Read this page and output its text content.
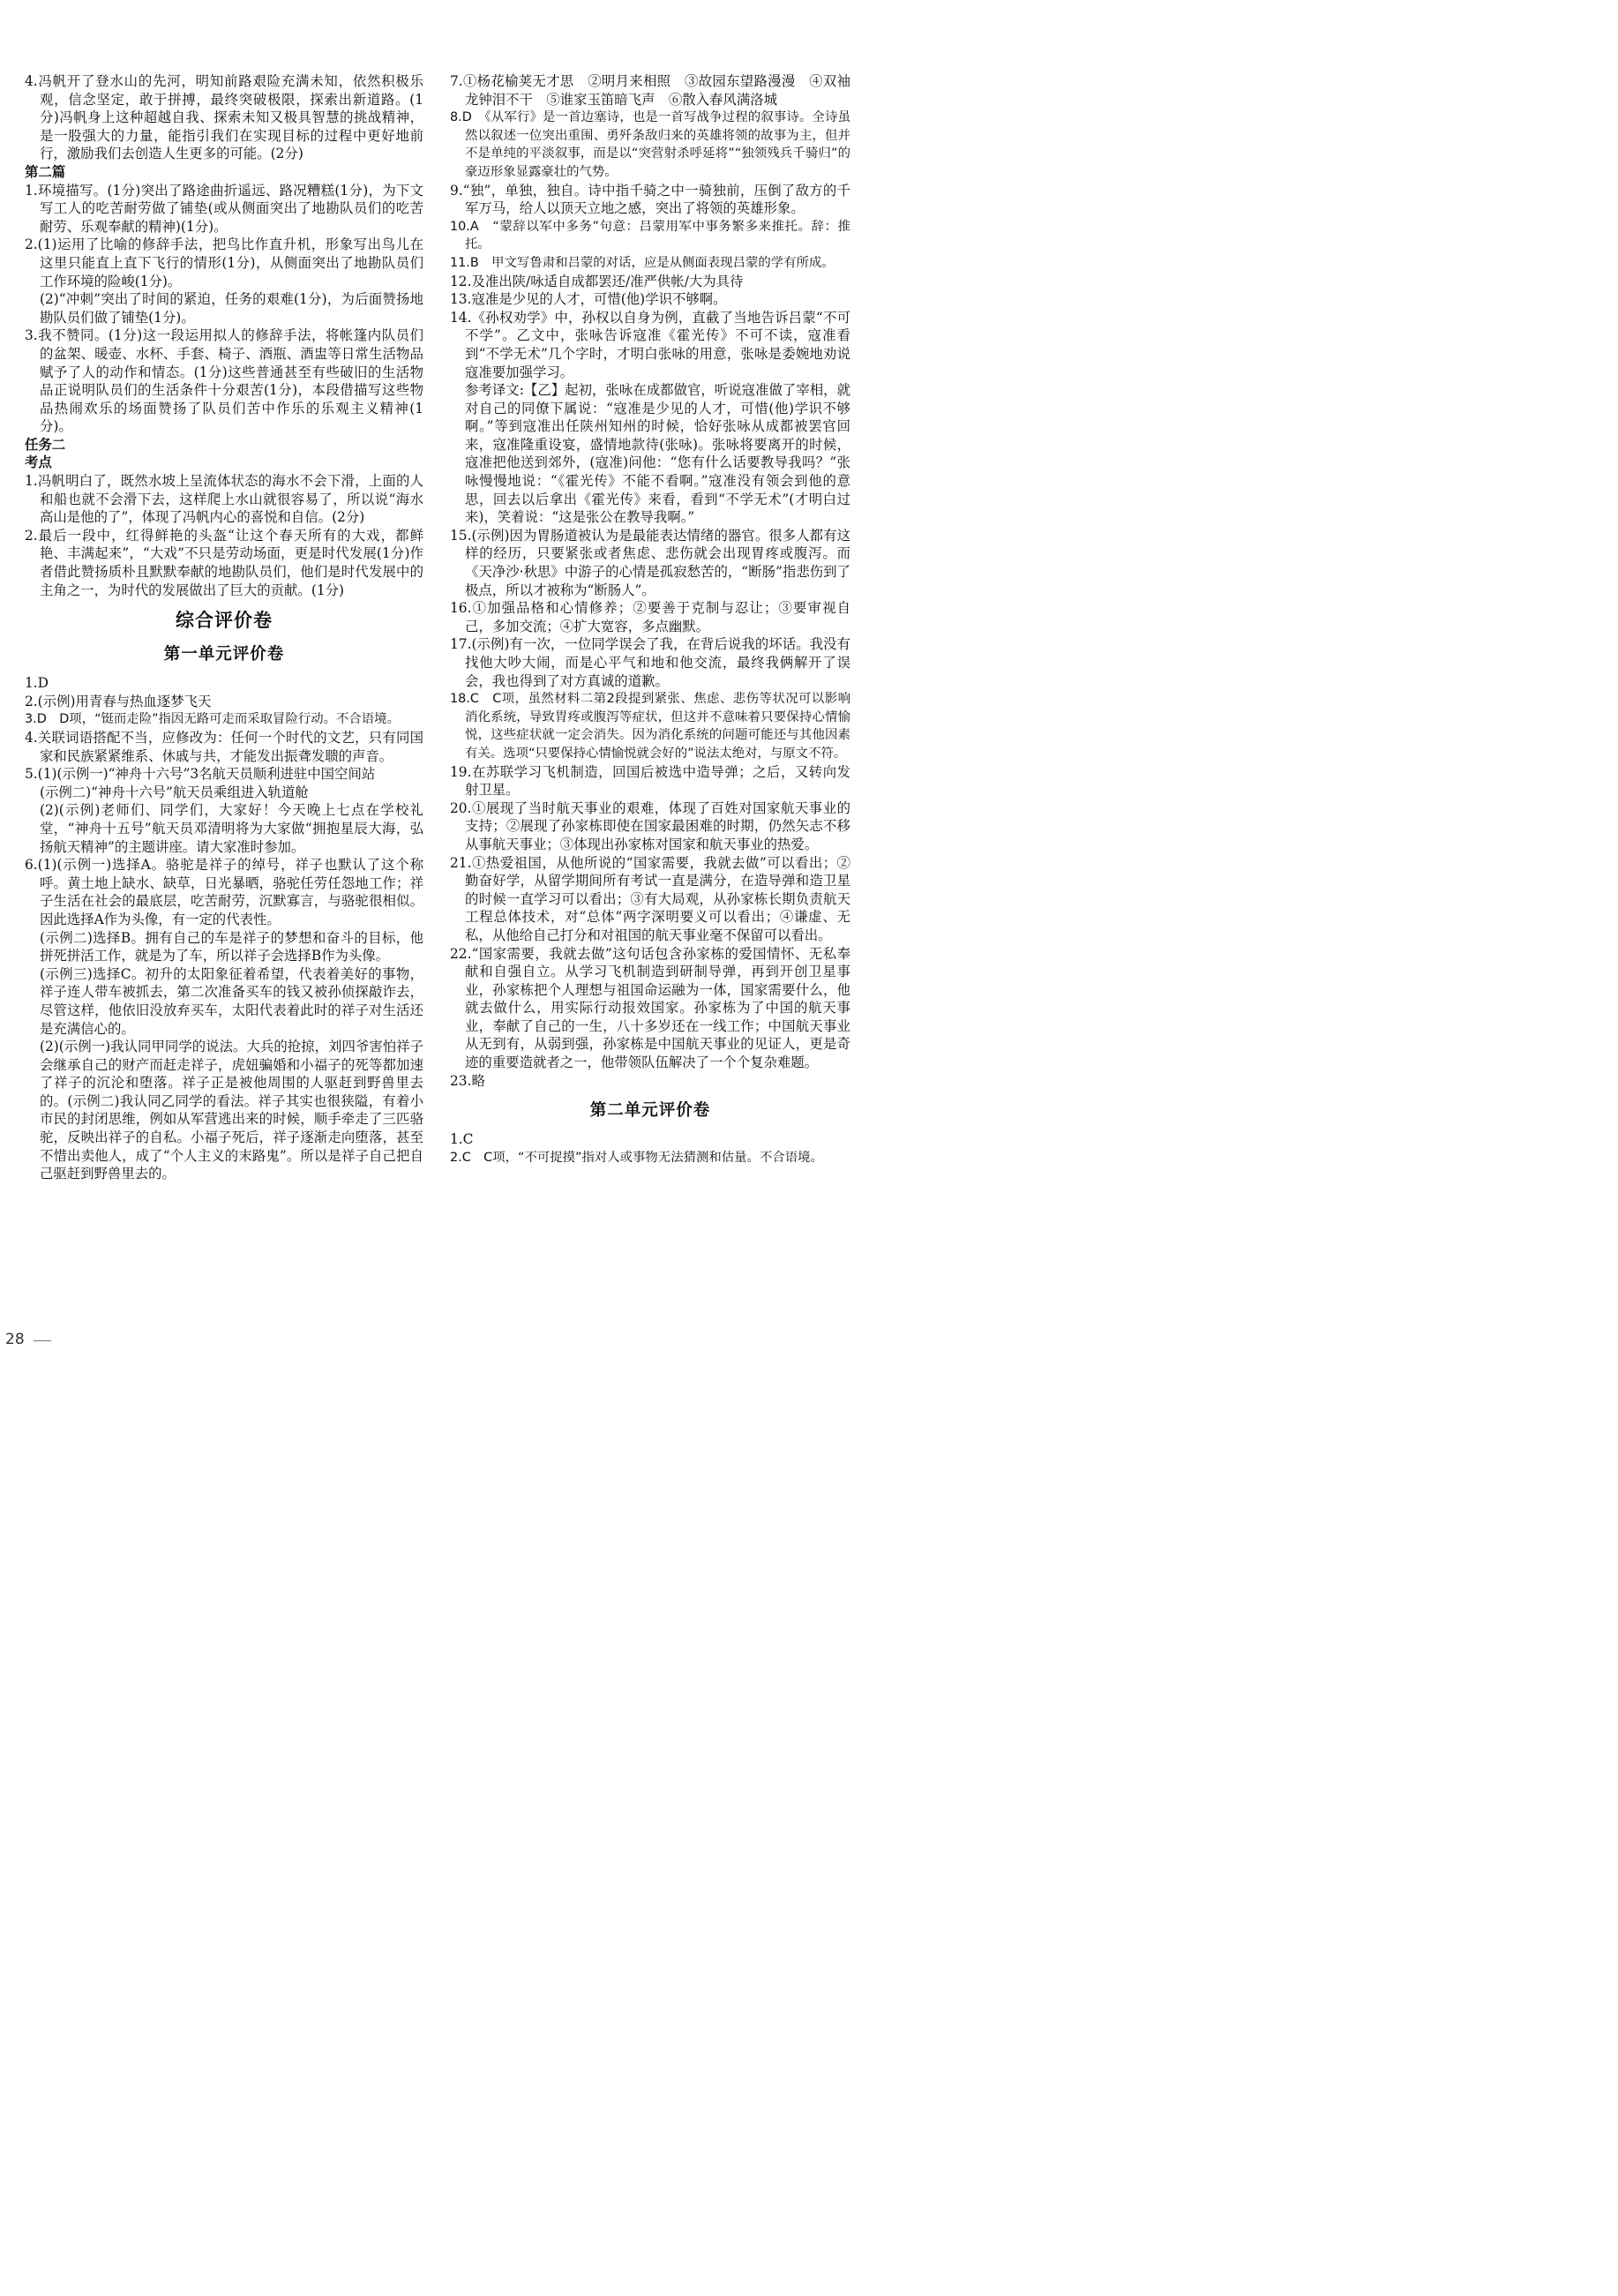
4.冯帆开了登水山的先河，明知前路艰险充满未知，依然积极乐观，信念坚定，敢于拼搏，最终突破极限，探索出新道路。(1分)冯帆身上这种超越自我、探索未知又极具智慧的挑战精神，是一股强大的力量，能指引我们在实现目标的过程中更好地前行，激励我们去创造人生更多的可能。(2分)

第二篇

1.环境描写。(1分)突出了路途曲折遥远、路况糟糕(1分)，为下文写工人的吃苦耐劳做了铺垫(或从侧面突出了地勘队员们的吃苦耐劳、乐观奉献的精神)(1分)。

2.(1)运用了比喻的修辞手法，把鸟比作直升机，形象写出鸟儿在这里只能直上直下飞行的情形(1分)，从侧面突出了地勘队员们工作环境的险峻(1分)。

(2)“冲刺”突出了时间的紧迫，任务的艰难(1分)，为后面赞扬地勘队员们做了铺垫(1分)。

3.我不赞同。(1分)这一段运用拟人的修辞手法，将帐篷内队员们的盆架、暖壶、水杯、手套、椅子、酒瓶、酒盅等日常生活物品赋予了人的动作和情态。(1分)这些普通甚至有些破旧的生活物品正说明队员们的生活条件十分艰苦(1分)，本段借描写这些物品热闹欢乐的场面赞扬了队员们苦中作乐的乐观主义精神(1分)。

任务二

考点

1.冯帆明白了，既然水坡上呈流体状态的海水不会下滑，上面的人和船也就不会滑下去，这样爬上水山就很容易了，所以说“海水高山是他的了”，体现了冯帆内心的喜悦和自信。(2分)

2.最后一段中，红得鲜艳的头盔“让这个春天所有的大戏，都鲜艳、丰满起来”，“大戏”不只是劳动场面，更是时代发展(1分)作者借此赞扬质朴且默默奉献的地勘队员们，他们是时代发展中的主角之一，为时代的发展做出了巨大的贡献。(1分)

综合评价卷

第一单元评价卷

1.D

2.(示例)用青春与热血逐梦飞天

3.D　D项，“铤而走险”指因无路可走而采取冒险行动。不合语境。

4.关联词语搭配不当，应修改为：任何一个时代的文艺，只有同国家和民族紧紧维系、休戚与共，才能发出振聋发聩的声音。

5.(1)(示例一)“神舟十六号”3名航天员顺利进驻中国空间站

(示例二)“神舟十六号”航天员乘组进入轨道舱

(2)(示例)老师们、同学们，大家好！今天晚上七点在学校礼堂，“神舟十五号”航天员邓清明将为大家做“拥抱星辰大海，弘扬航天精神”的主题讲座。请大家准时参加。

6.(1)(示例一)选择A。骆驼是祥子的绰号，祥子也默认了这个称呼。黄土地上缺水、缺草，日光暴晒，骆驼任劳任怨地工作；祥子生活在社会的最底层，吃苦耐劳，沉默寡言，与骆驼很相似。因此选择A作为头像，有一定的代表性。

(示例二)选择B。拥有自己的车是祥子的梦想和奋斗的目标，他拼死拼活工作，就是为了车，所以祥子会选择B作为头像。

(示例三)选择C。初升的太阳象征着希望，代表着美好的事物，祥子连人带车被抓去，第二次准备买车的钱又被孙侦探敲诈去，尽管这样，他依旧没放弃买车，太阳代表着此时的祥子对生活还是充满信心的。

(2)(示例一)我认同甲同学的说法。大兵的抢掠，刘四爷害怕祥子会继承自己的财产而赶走祥子，虎妞骗婚和小福子的死等都加速了祥子的沉沦和堕落。祥子正是被他周围的人驱赶到野兽里去的。(示例二)我认同乙同学的看法。祥子其实也很狭隘，有着小市民的封闭思维，例如从军营逃出来的时候，顺手牵走了三匹骆驼，反映出祥子的自私。小福子死后，祥子逐渐走向堕落，甚至不惜出卖他人，成了“个人主义的末路鬼”。所以是祥子自己把自己驱赶到野兽里去的。

7.①杨花榆荚无才思　②明月来相照　③故园东望路漫漫　④双袖龙钟泪不干　⑤谁家玉笛暗飞声　⑥散入春风满洛城

8.D　《从军行》是一首边塞诗，也是一首写战争过程的叙事诗。全诗虽然以叙述一位突出重围、勇歼条敌归来的英雄将领的故事为主，但并不是单纯的平淡叙事，而是以“突营射杀呼延将”“独领残兵千骑归”的豪迈形象显露豪壮的气势。

9.“独”，单独，独自。诗中指千骑之中一骑独前，压倒了敌方的千军万马，给人以顶天立地之感，突出了将领的英雄形象。

10.A　“蒙辞以军中多务”句意：吕蒙用军中事务繁多来推托。辞：推托。

11.B　甲文写鲁肃和吕蒙的对话，应是从侧面表现吕蒙的学有所成。

12.及准出陕/咏适自成都罢还/准严供帐/大为具待

13.寇准是少见的人才，可惜(他)学识不够啊。

14.《孙权劝学》中，孙权以自身为例，直截了当地告诉吕蒙“不可不学”。乙文中，张咏告诉寇准《霍光传》不可不读，寇准看到“不学无术”几个字时，才明白张咏的用意，张咏是委婉地劝说寇准要加强学习。

参考译文:【乙】起初，张咏在成都做官，听说寇准做了宰相，就对自己的同僚下属说：“寇准是少见的人才，可惜(他)学识不够啊。”等到寇准出任陕州知州的时候，恰好张咏从成都被罢官回来，寇准隆重设宴，盛情地款待(张咏)。张咏将要离开的时候，寇准把他送到郊外，(寇准)问他：“您有什么话要教导我吗？”张咏慢慢地说：“《霍光传》不能不看啊。”寇准没有领会到他的意思，回去以后拿出《霍光传》来看，看到“不学无术”(才明白过来)，笑着说：“这是张公在教导我啊。”

15.(示例)因为胃肠道被认为是最能表达情绪的器官。很多人都有这样的经历，只要紧张或者焦虑、悲伤就会出现胃疼或腹泻。而《天净沙·秋思》中游子的心情是孤寂愁苦的，“断肠”指悲伤到了极点，所以才被称为“断肠人”。

16.①加强品格和心情修养；②要善于克制与忍让；③要审视自己，多加交流；④扩大宽容，多点幽默。

17.(示例)有一次，一位同学误会了我，在背后说我的坏话。我没有找他大吵大闹，而是心平气和地和他交流，最终我俩解开了误会，我也得到了对方真诚的道歉。

18.C　C项，虽然材料二第2段提到紧张、焦虑、悲伤等状况可以影响消化系统，导致胃疼或腹泻等症状，但这并不意味着只要保持心情愉悦，这些症状就一定会消失。因为消化系统的问题可能还与其他因素有关。选项“只要保持心情愉悦就会好的”说法太绝对，与原文不符。

19.在苏联学习飞机制造，回国后被选中造导弹；之后，又转向发射卫星。

20.①展现了当时航天事业的艰难，体现了百姓对国家航天事业的支持；②展现了孙家栋即使在国家最困难的时期，仍然矢志不移从事航天事业；③体现出孙家栋对国家和航天事业的热爱。

21.①热爱祖国，从他所说的“国家需要，我就去做”可以看出；②勤奋好学，从留学期间所有考试一直是满分，在造导弹和造卫星的时候一直学习可以看出；③有大局观，从孙家栋长期负责航天工程总体技术，对“总体”两字深明要义可以看出；④谦虚、无私，从他给自己打分和对祖国的航天事业毫不保留可以看出。

22.“国家需要，我就去做”这句话包含孙家栋的爱国情怀、无私奉献和自强自立。从学习飞机制造到研制导弹，再到开创卫星事业，孙家栋把个人理想与祖国命运融为一体，国家需要什么，他就去做什么，用实际行动报效国家。孙家栋为了中国的航天事业，奉献了自己的一生，八十多岁还在一线工作；中国航天事业从无到有，从弱到强，孙家栋是中国航天事业的见证人，更是奇迹的重要造就者之一，他带领队伍解决了一个个复杂难题。

23.略

第二单元评价卷

1.C

2.C　C项，“不可捉摸”指对人或事物无法猜测和估量。不合语境。

28
